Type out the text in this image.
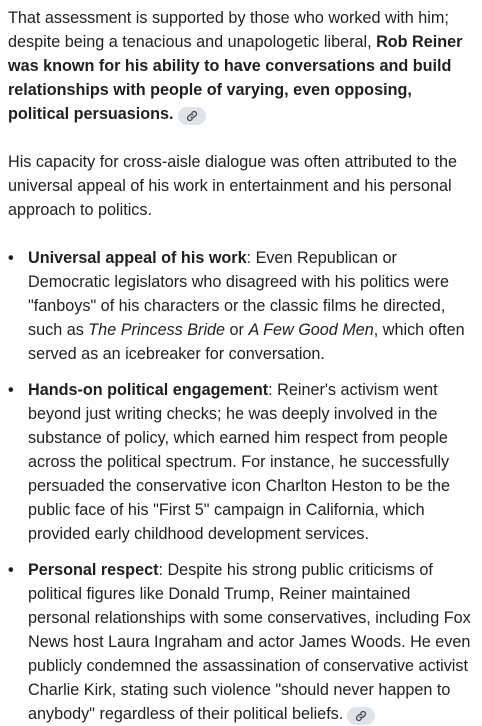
That assessment is supported by those who worked with him; despite being a tenacious and unapologetic liberal, Rob Reiner was known for his ability to have conversations and build relationships with people of varying, even opposing, political persuasions.

His capacity for cross-aisle dialogue was often attributed to the universal appeal of his work in entertainment and his personal approach to politics.

• Universal appeal of his work: Even Republican or Democratic legislators who disagreed with his politics were "fanboys" of his characters or the classic films he directed, such as The Princess Bride or A Few Good Men, which often served as an icebreaker for conversation.
• Hands-on political engagement: Reiner's activism went beyond just writing checks; he was deeply involved in the substance of policy, which earned him respect from people across the political spectrum. For instance, he successfully persuaded the conservative icon Charlton Heston to be the public face of his "First 5" campaign in California, which provided early childhood development services.
• Personal respect: Despite his strong public criticisms of political figures like Donald Trump, Reiner maintained personal relationships with some conservatives, including Fox News host Laura Ingraham and actor James Woods. He even publicly condemned the assassination of conservative activist Charlie Kirk, stating such violence "should never happen to anybody" regardless of their political beliefs.
